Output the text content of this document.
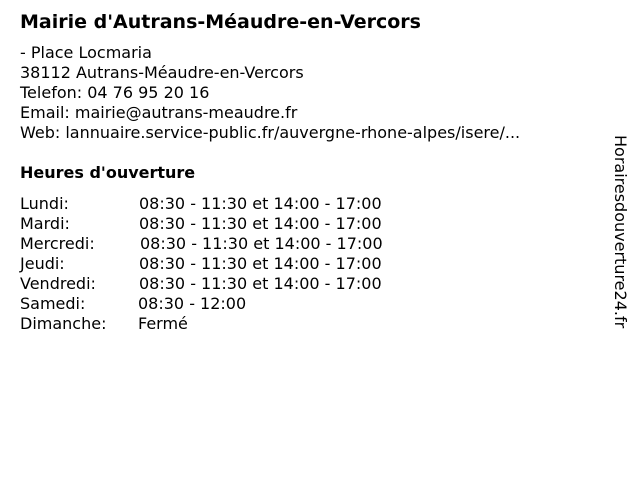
Mairie d'Autrans-Méaudre-en-Vercors
- Place Locmaria
38112 Autrans-Méaudre-en-Vercors
Telefon: 04 76 95 20 16
Email: mairie@autrans-meaudre.fr
Web: lannuaire.service-public.fr/auvergne-rhone-alpes/isere/...
Heures d'ouverture
Lundi:	08:30 - 11:30 et 14:00 - 17:00
Mardi:	08:30 - 11:30 et 14:00 - 17:00
Mercredi:	08:30 - 11:30 et 14:00 - 17:00
Jeudi:	08:30 - 11:30 et 14:00 - 17:00
Vendredi:	08:30 - 11:30 et 14:00 - 17:00
Samedi:	08:30 - 12:00
Dimanche: Fermé	Horairesdouverture24.fr
